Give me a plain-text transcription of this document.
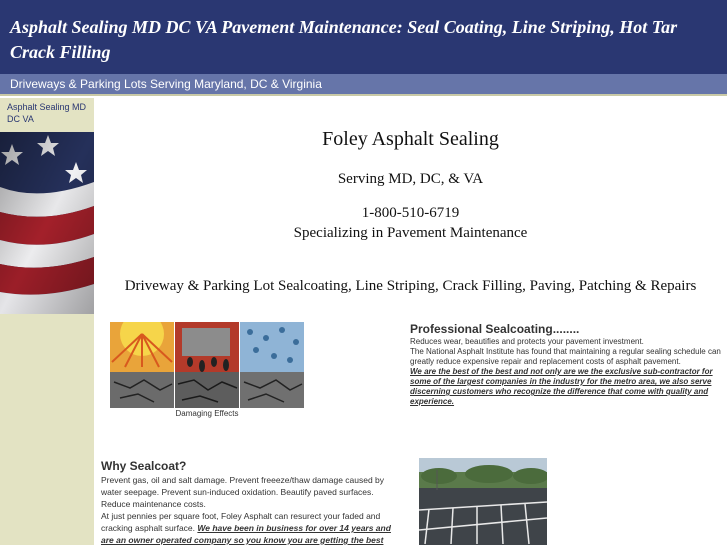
Asphalt Sealing MD DC VA Pavement Maintenance: Seal Coating, Line Striping, Hot Tar Crack Filling
Driveways & Parking Lots Serving Maryland, DC & Virginia
Asphalt Sealing MD DC VA
Foley Asphalt Sealing
Serving MD, DC, & VA
1-800-510-6719
Specializing in Pavement Maintenance
Driveway & Parking Lot Sealcoating, Line Striping, Crack Filling, Paving, Patching & Repairs
Damaging Effects
Professional Sealcoating........

Reduces wear, beautifies and protects your pavement investment.

The National Asphalt Institute has found that maintaining a regular sealing schedule can greatly reduce expensive repair and replacement costs of asphalt pavement.

We are the best of the best and not only are we the exclusive sub-contractor for some of the largest companies in the industry for the metro area, we also serve discerning customers who recognize the difference that come with quality and experience.

Why Sealcoat?

Prevent gas, oil and salt damage. Prevent freeeze/thaw damage caused by water seepage. Prevent sun-induced oxidation. Beautify paved surfaces. Reduce maintenance costs.

At just pennies per square foot, Foley Asphalt can resurect your faded and cracking asphalt surface. We have been in business for over 14 years and are an owner operated company so you know you are getting the best
